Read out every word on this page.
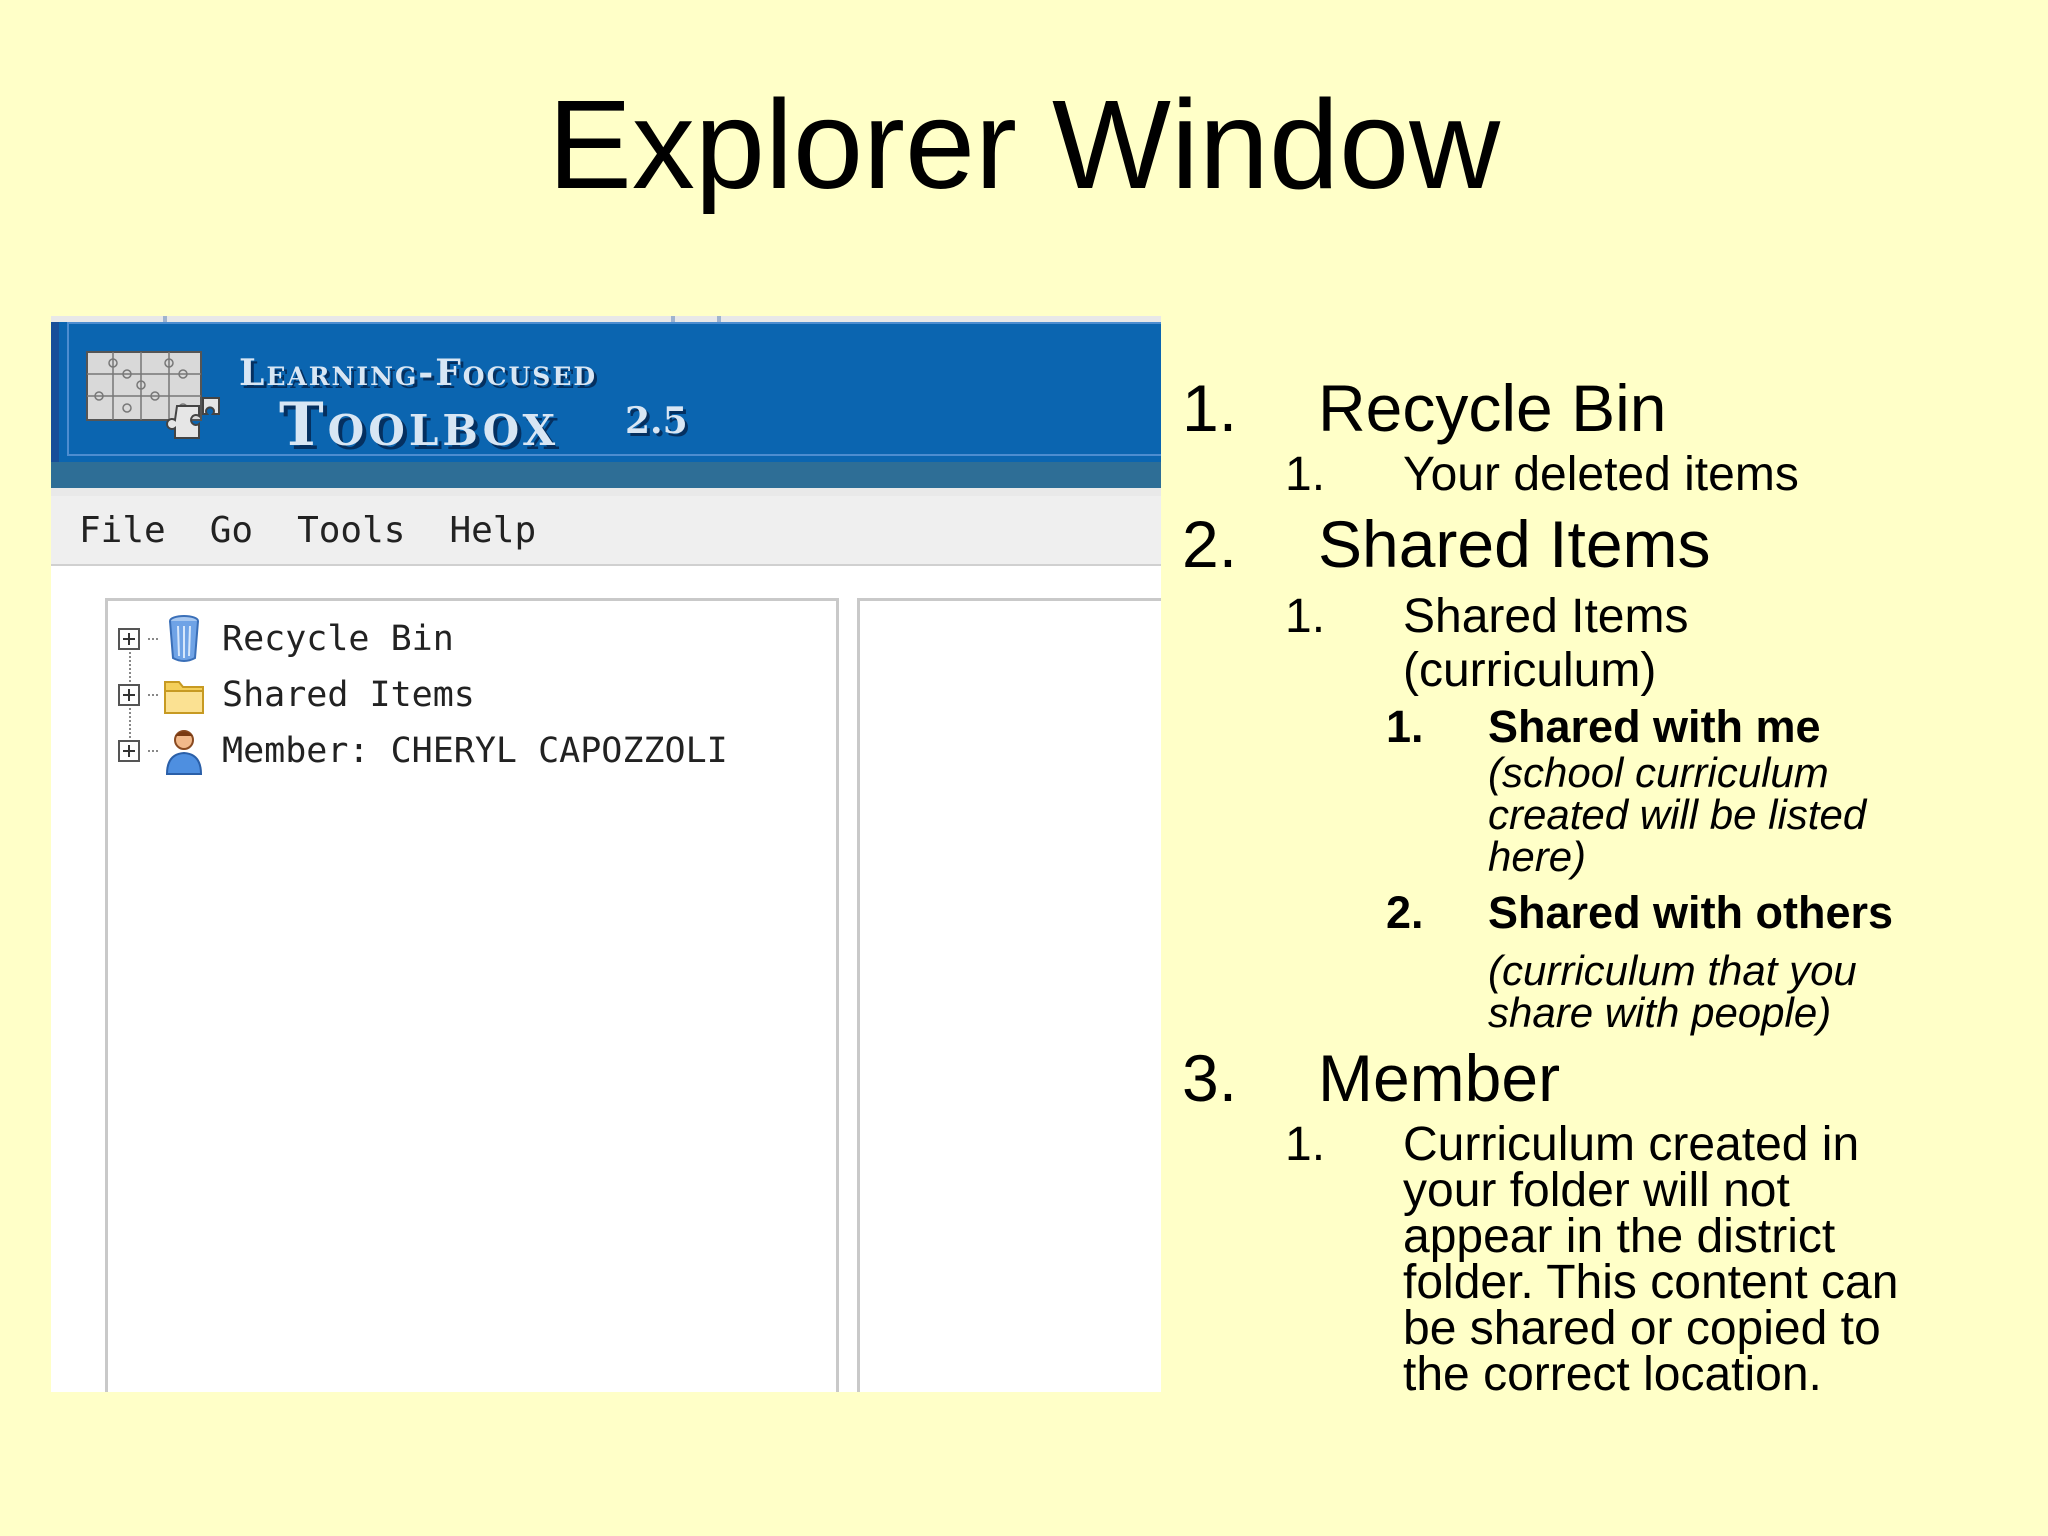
Explorer Window
Learning-Focused
Toolbox 2.5
File Go Tools Help
Recycle Bin
Shared Items
Member: CHERYL CAPOZZOLI
1. Recycle Bin
1. Your deleted items
2. Shared Items
1. Shared Items
(curriculum)
1. Shared with me
(school curriculum
created will be listed
here)
2. Shared with others
(curriculum that you
share with people)
3. Member
1. Curriculum created in
your folder will not
appear in the district
folder. This content can
be shared or copied to
the correct location.
